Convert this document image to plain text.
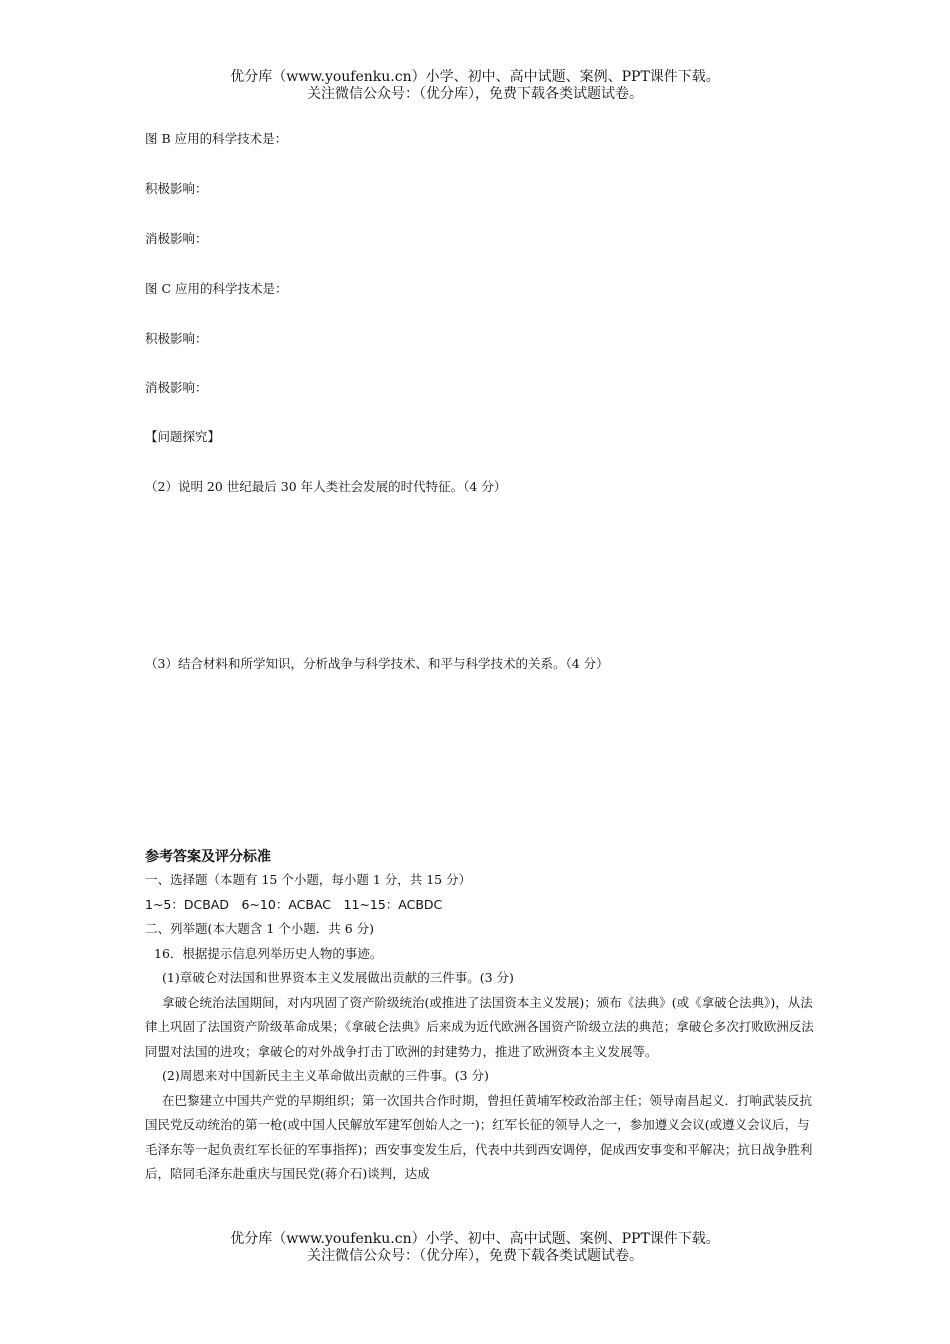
优分库（www.youfenku.cn）小学、初中、高中试题、案例、PPT课件下载。
关注微信公众号：（优分库），免费下载各类试题试卷。
图 B 应用的科学技术是：
积极影响：
消极影响：
图 C 应用的科学技术是：
积极影响：
消极影响：
【问题探究】
（2）说明 20 世纪最后 30 年人类社会发展的时代特征。（4 分）
（3）结合材料和所学知识，分析战争与科学技术、和平与科学技术的关系。（4 分）
参考答案及评分标准

一、选择题（本题有 15 个小题，每小题 1 分，共 15 分）

1~5：DCBAD　6~10：ACBAC　11~15：ACBDC

二、列举题(本大题含 1 个小题．共 6 分)

16．根据提示信息列举历史人物的事迹。

(1)章破仑对法国和世界资本主义发展做出贡献的三件事。(3 分)

拿破仑统治法国期间，对内巩固了资产阶级统治(或推进了法国资本主义发展)；颁布《法典》(或《拿破仑法典》)，从法律上巩固了法国资产阶级革命成果；《拿破仑法典》后来成为近代欧洲各国资产阶级立法的典范；拿破仑多次打败欧洲反法同盟对法国的进攻；拿破仑的对外战争打击丁欧洲的封建势力，推进了欧洲资本主义发展等。

(2)周恩来对中国新民主主义革命做出贡献的三件事。(3 分)

在巴黎建立中国共产党的早期组织；第一次国共合作时期，曾担任黄埔军校政治部主任；领导南昌起义．打响武装反抗国民党反动统治的第一枪(或中国人民解放军建军创始人之一)；红军长征的领导人之一，参加遵义会议(或遵义会议后，与毛泽东等一起负责红军长征的军事指挥)；西安事变发生后，代表中共到西安调停，促成西安事变和平解决；抗日战争胜利后，陪同毛泽东赴重庆与国民党(蒋介石)谈判，达成

优分库（www.youfenku.cn）小学、初中、高中试题、案例、PPT课件下载。
关注微信公众号：（优分库），免费下载各类试题试卷。
